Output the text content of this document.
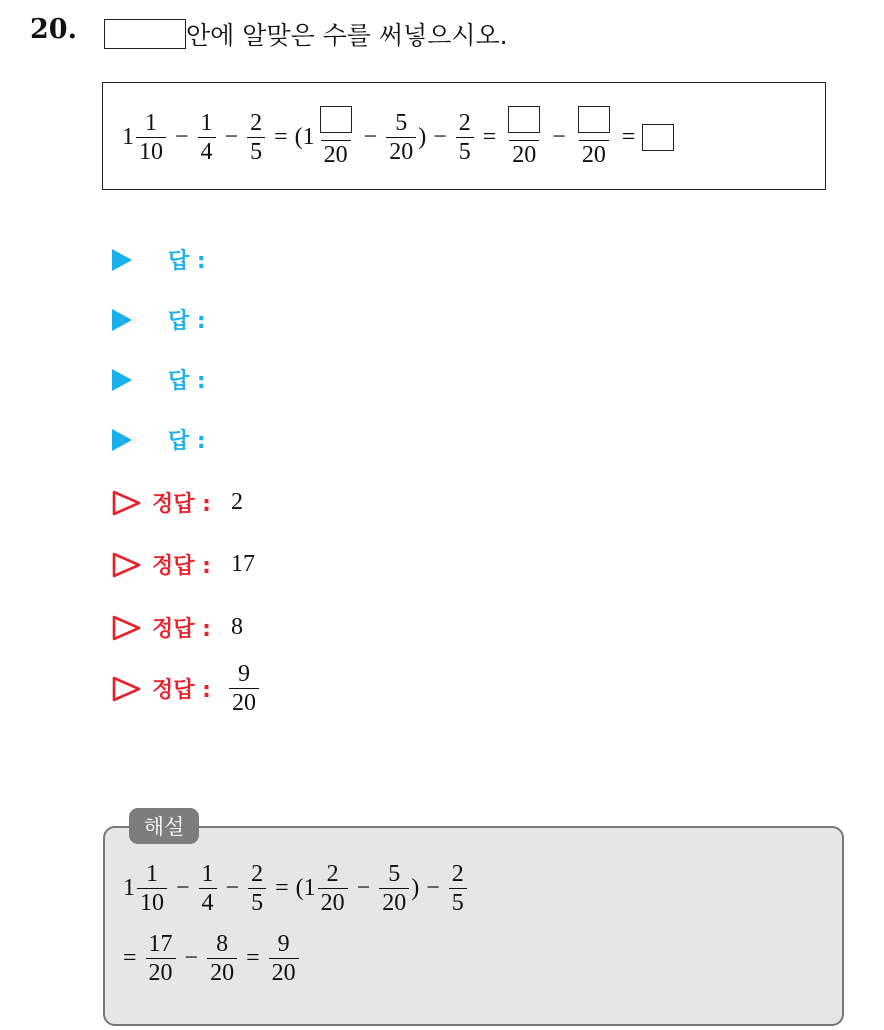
20.	안에 알맞은 수를 써넣으시오.
$1 \frac{1}{10} - \frac{1}{4} - \frac{2}{5} = (1$
20
− $\frac{5}{20}$ ) − $\frac{2}{5}$ =
20
−
20
=
답 :
답 :
답 :
답 :
정답 : 2
정답 : 17
정답 : 8
정답 : $\frac{9}{20}$
해설
$1 \frac{1}{10} - \frac{1}{4} - \frac{2}{5} = (1 \frac{2}{20} - \frac{5}{20}$ ) − $\frac{2}{5}$
= $\frac{17}{20} - \frac{8}{20} = \frac{9}{20}$
